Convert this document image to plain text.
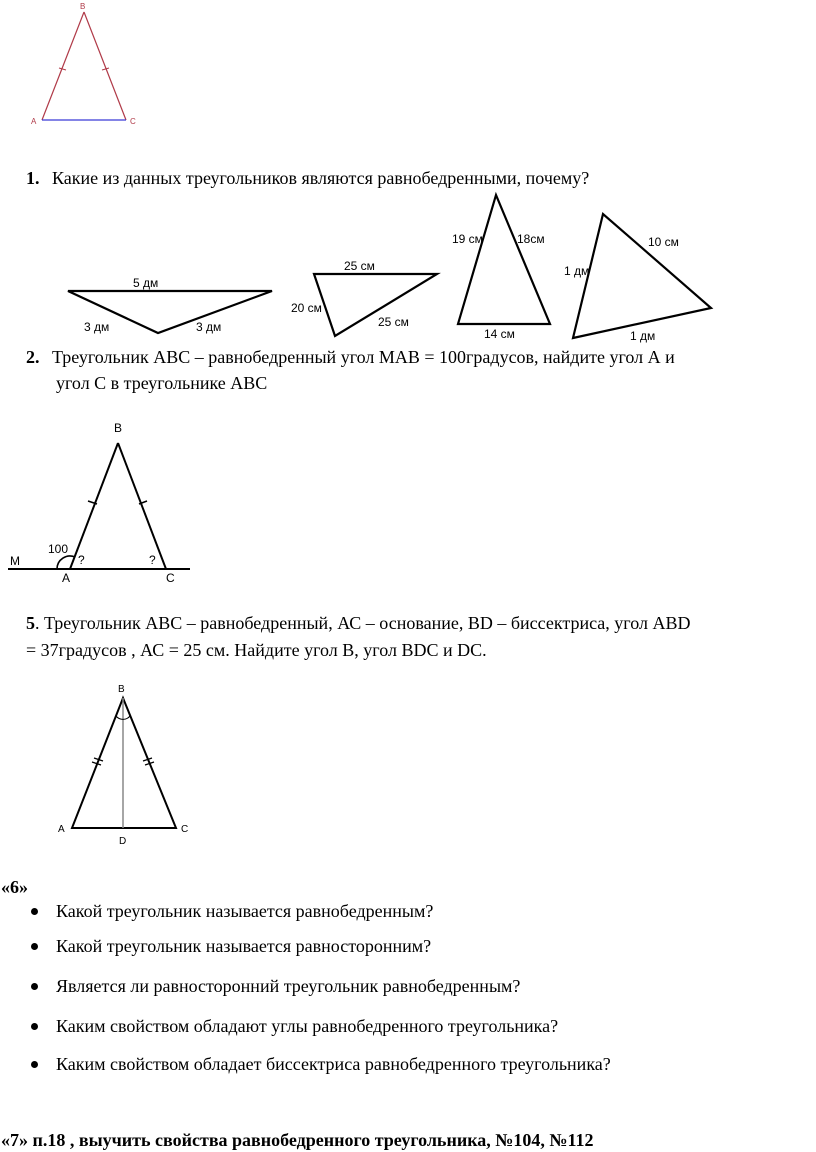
B
A	C
1. Какие из данных треугольников являются равнобедренными, почему?
5 дм
3 дм	3 дм
25 см
20 см
25 см
19 см	18см
14 см
1 дм
10 см
1 дм
2. Треугольник АВС – равнобедренный угол МАВ = 100градусов, найдите угол А и
угол С в треугольнике АВС
B
M
A	C
100
?	?
5. Треугольник АВС – равнобедренный, АС – основание, BD – биссектриса, угол ABD
= 37градусов , АС = 25 см. Найдите угол В, угол BDC и DC.
B
A	C
D
«6»
Какой треугольник называется равнобедренным?
Какой треугольник называется равносторонним?
Является ли равносторонний треугольник равнобедренным?
Каким свойством обладают углы равнобедренного треугольника?
Каким свойством обладает биссектриса равнобедренного треугольника?
«7» п.18 , выучить свойства равнобедренного треугольника, №104, №112
